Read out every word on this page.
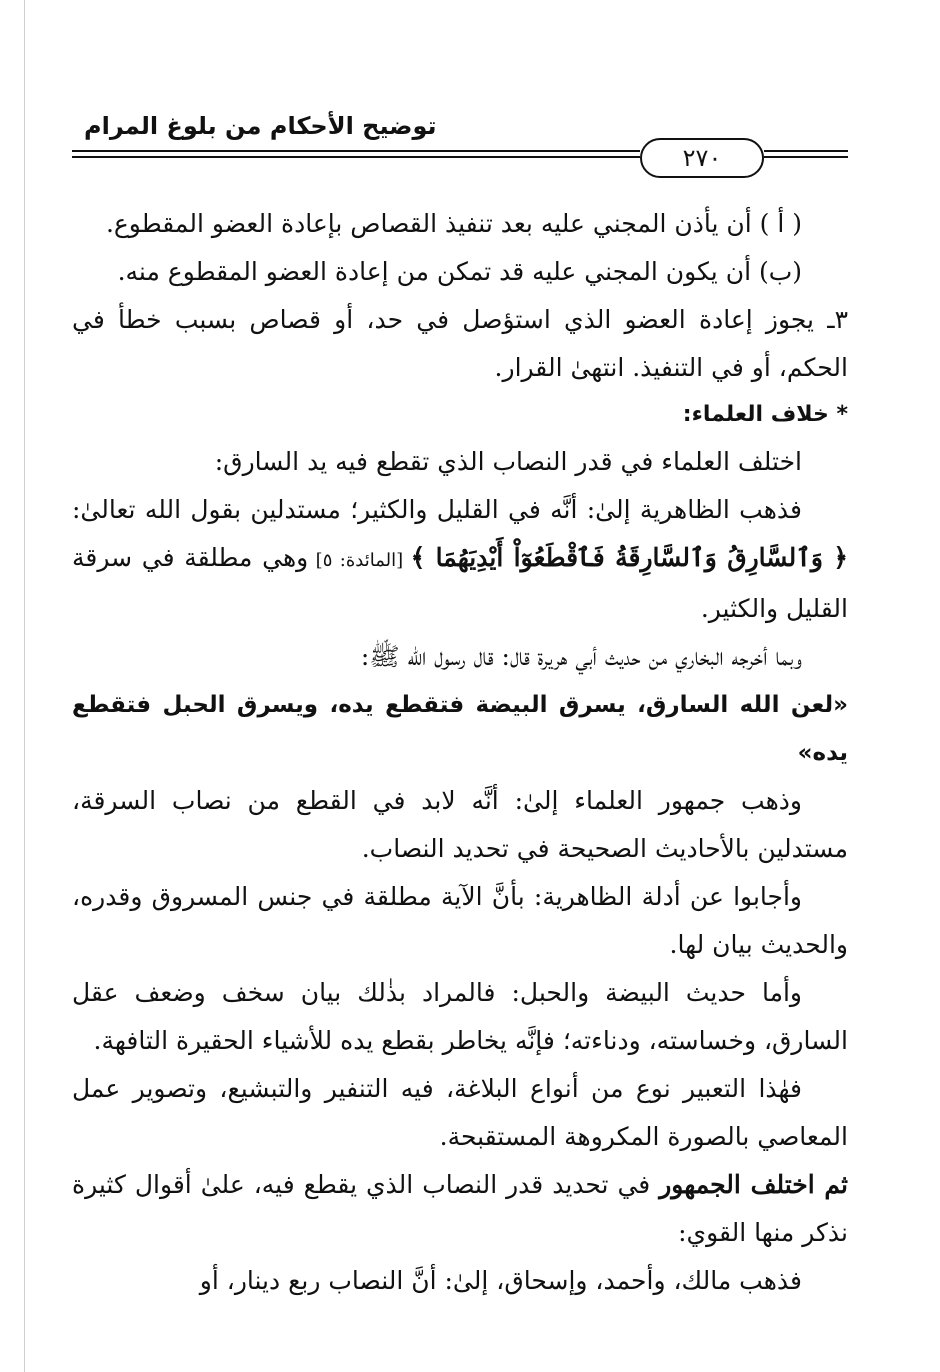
توضيح الأحكام من بلوغ المرام
٢٧٠

( أ ) أن يأذن المجني عليه بعد تنفيذ القصاص بإعادة العضو المقطوع.

(ب) أن يكون المجني عليه قد تمكن من إعادة العضو المقطوع منه.

٣ـ يجوز إعادة العضو الذي استؤصل في حد، أو قصاص بسبب خطأ في الحكم، أو في التنفيذ. انتهىٰ القرار.

* خلاف العلماء:

اختلف العلماء في قدر النصاب الذي تقطع فيه يد السارق:

فذهب الظاهرية إلىٰ: أنَّه في القليل والكثير؛ مستدلين بقول الله تعالىٰ: ﴿ وَٱلسَّارِقُ وَٱلسَّارِقَةُ فَٱقْطَعُوٓاْ أَيْدِيَهُمَا ﴾ [المائدة: ٥] وهي مطلقة في سرقة القليل والكثير.

وبما أخرجه البخاري من حديث أبي هريرة قال: قال رسول الله ﷺ:

«لعن الله السارق، يسرق البيضة فتقطع يده، ويسرق الحبل فتقطع يده»

وذهب جمهور العلماء إلىٰ: أنَّه لابد في القطع من نصاب السرقة، مستدلين بالأحاديث الصحيحة في تحديد النصاب.

وأجابوا عن أدلة الظاهرية: بأنَّ الآية مطلقة في جنس المسروق وقدره، والحديث بيان لها.

وأما حديث البيضة والحبل: فالمراد بذٰلك بيان سخف وضعف عقل السارق، وخساسته، ودناءته؛ فإنَّه يخاطر بقطع يده للأشياء الحقيرة التافهة.

فهٰذا التعبير نوع من أنواع البلاغة، فيه التنفير والتبشيع، وتصوير عمل المعاصي بالصورة المكروهة المستقبحة.

ثم اختلف الجمهور في تحديد قدر النصاب الذي يقطع فيه، علىٰ أقوال كثيرة نذكر منها القوي:

فذهب مالك، وأحمد، وإسحاق، إلىٰ: أنَّ النصاب ربع دينار، أو
